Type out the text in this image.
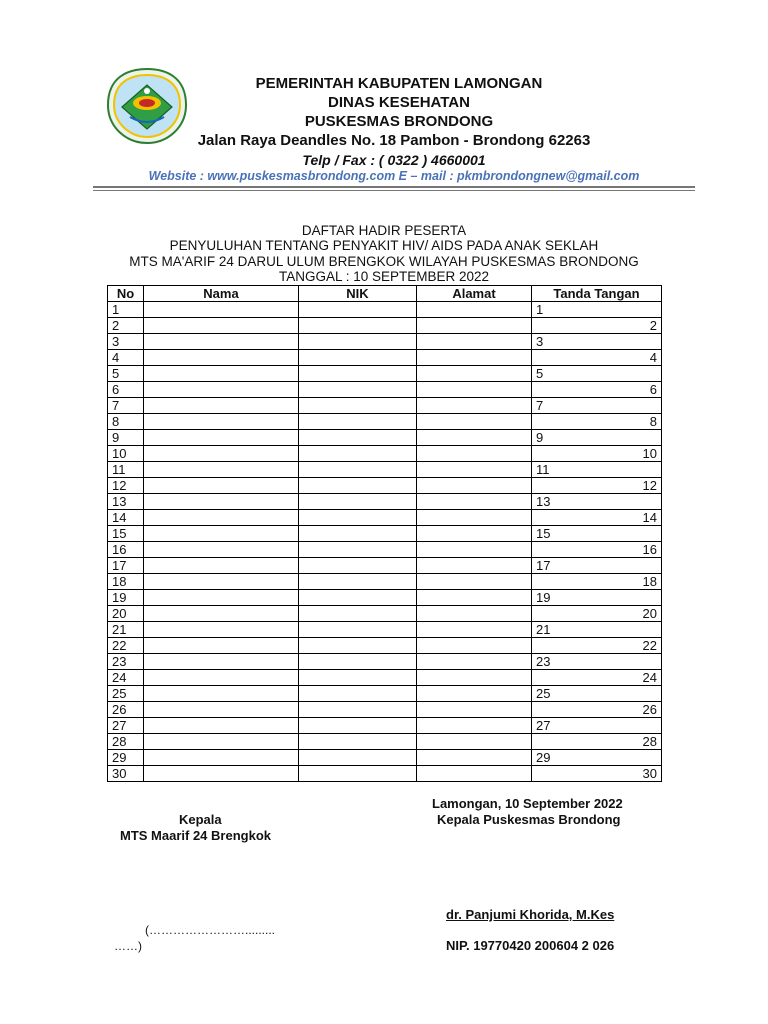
PEMERINTAH KABUPATEN LAMONGAN
DINAS KESEHATAN
PUSKESMAS BRONDONG
Jalan Raya Deandles No. 18 Pambon - Brondong 62263
Telp / Fax : ( 0322 ) 4660001
Website : www.puskesmasbrondong.com E – mail : pkmbrondongnew@gmail.com
DAFTAR HADIR PESERTA
PENYULUHAN TENTANG PENYAKIT HIV/ AIDS PADA ANAK SEKLAH
MTS MA'ARIF 24 DARUL ULUM BRENGKOK WILAYAH PUSKESMAS BRONDONG
TANGGAL : 10 SEPTEMBER 2022
No	Nama	NIK	Alamat	Tanda Tangan
1				1
2				2
3				3
4				4
5				5
6				6
7				7
8				8
9				9
10				10
11				11
12				12
13				13
14				14
15				15
16				16
17				17
18				18
19				19
20				20
21				21
22				22
23				23
24				24
25				25
26				26
27				27
28				28
29				29
30				30
Lamongan, 10 September 2022
Kepala	Kepala Puskesmas Brondong
MTS Maarif 24 Brengkok
(…………………….........
……)
dr. Panjumi Khorida, M.Kes
NIP. 19770420 200604 2 026
